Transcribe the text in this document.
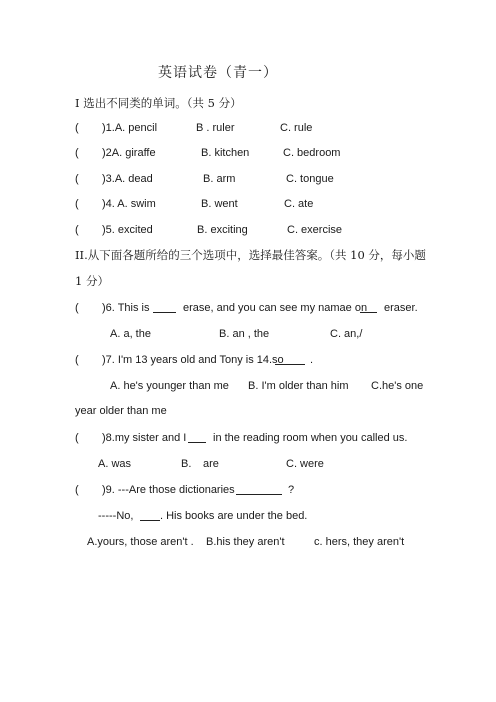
英语试卷（青一）
I 选出不同类的单词。（共 5 分）
( )1.A. pencil	B . ruler	C. rule
( )2A. giraffe	B. kitchen	C. bedroom
( )3.A. dead	B. arm	C. tongue
( )4. A. swim	B. went	C. ate
( )5. excited	B. exciting	C. exercise
II.从下面各题所给的三个选项中，选择最佳答案。（共 10 分，每小题
1 分）
( )6. This is	erase, and you can see my namae on eraser.
A. a, the	B. an , the	C. an,/
( )7. I'm 13 years old and Tony is 14.so .
A. he's younger than me B. I'm older than him C.he's one
year older than me
( )8.my sister and I in the reading room when you called us.
A. was	B. are	C. were
( )9. ---Are those dictionaries	?
-----No, . His books are under the bed.
A.yours, those aren't . B.his they aren't	c. hers, they aren't
